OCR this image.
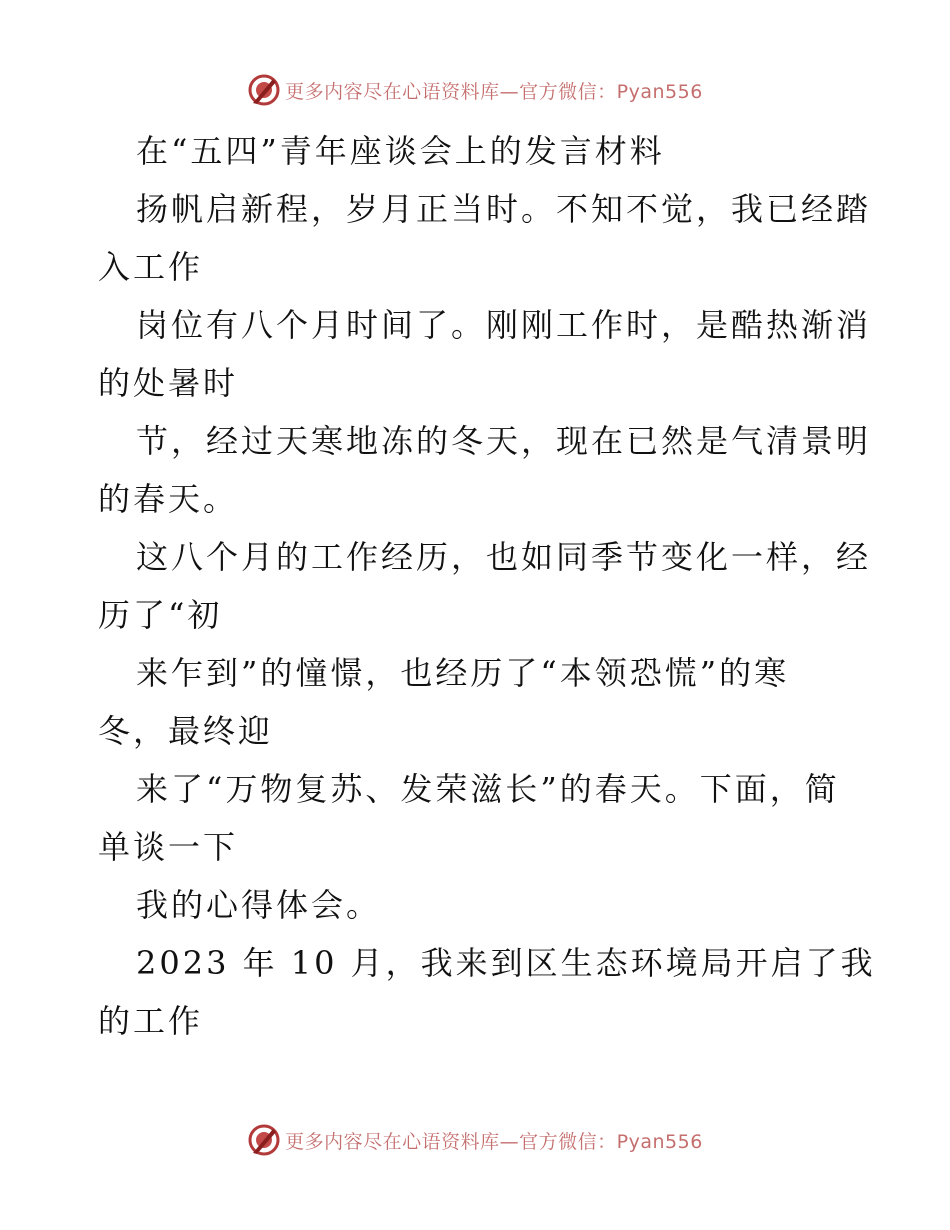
更多内容尽在心语资料库—官方微信：Pyan556
在“五四”青年座谈会上的发言材料
扬帆启新程，岁月正当时。不知不觉，我已经踏
入工作
岗位有八个月时间了。刚刚工作时，是酷热渐消
的处暑时
节，经过天寒地冻的冬天，现在已然是气清景明
的春天。
这八个月的工作经历，也如同季节变化一样，经
历了“初
来乍到”的憧憬，也经历了“本领恐慌”的寒
冬，最终迎
来了“万物复苏、发荣滋长”的春天。下面，简
单谈一下
我的心得体会。
2023 年 10 月，我来到区生态环境局开启了我
的工作
更多内容尽在心语资料库—官方微信：Pyan556
